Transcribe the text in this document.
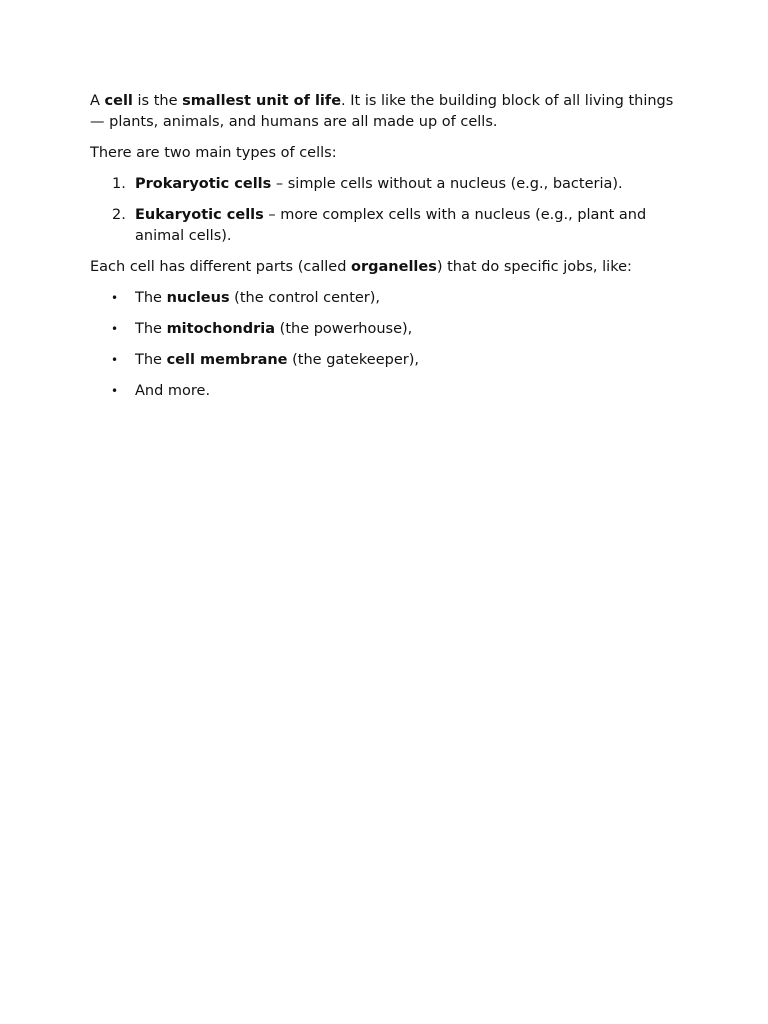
A cell is the smallest unit of life. It is like the building block of all living things — plants, animals, and humans are all made up of cells.

There are two main types of cells:

1. Prokaryotic cells – simple cells without a nucleus (e.g., bacteria).
2. Eukaryotic cells – more complex cells with a nucleus (e.g., plant and animal cells).

Each cell has different parts (called organelles) that do specific jobs, like:

• The nucleus (the control center),
• The mitochondria (the powerhouse),
• The cell membrane (the gatekeeper),
• And more.
